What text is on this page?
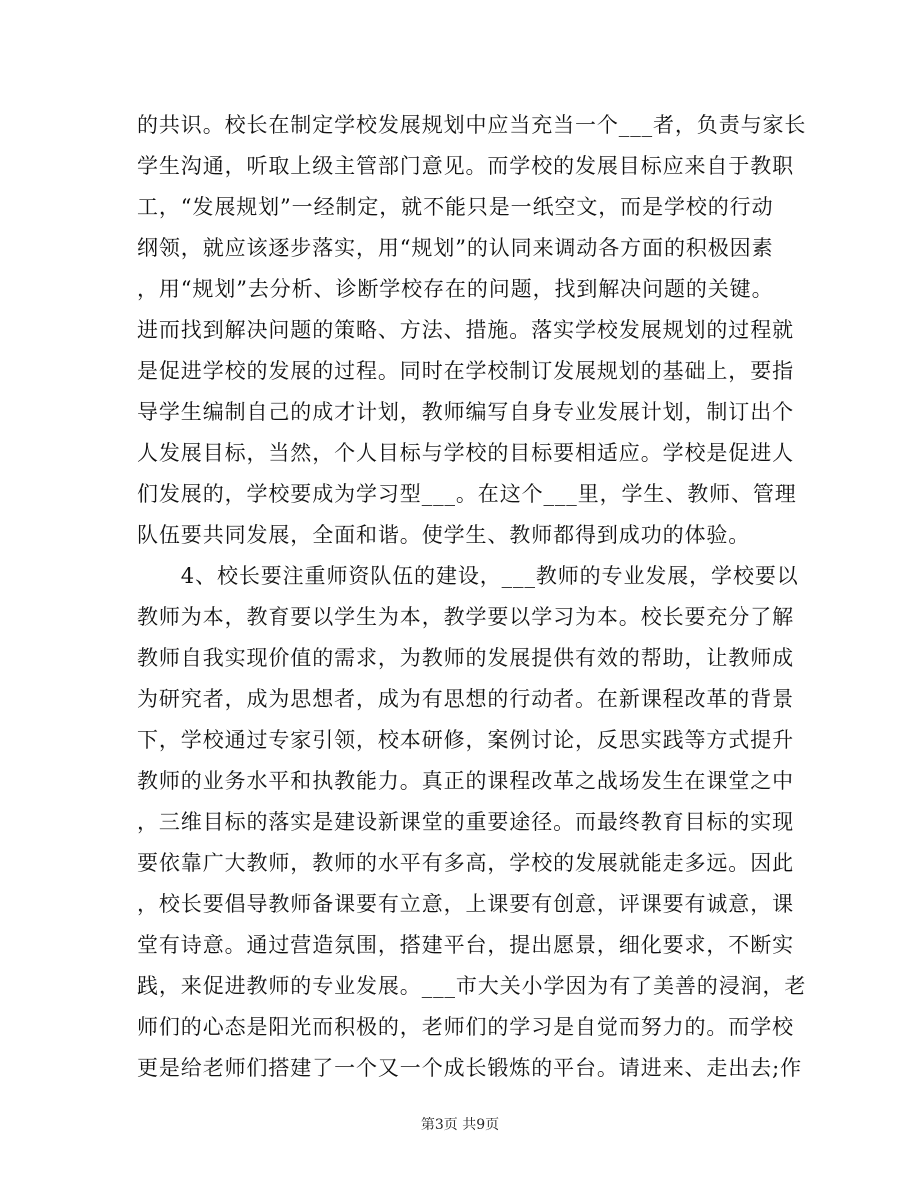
的共识。校长在制定学校发展规划中应当充当一个___者，负责与家长
学生沟通，听取上级主管部门意见。而学校的发展目标应来自于教职
工，“发展规划”一经制定，就不能只是一纸空文，而是学校的行动
纲领，就应该逐步落实，用“规划”的认同来调动各方面的积极因素
，用“规划”去分析、诊断学校存在的问题，找到解决问题的关键。
进而找到解决问题的策略、方法、措施。落实学校发展规划的过程就
是促进学校的发展的过程。同时在学校制订发展规划的基础上，要指
导学生编制自己的成才计划，教师编写自身专业发展计划，制订出个
人发展目标，当然，个人目标与学校的目标要相适应。学校是促进人
们发展的，学校要成为学习型___。在这个___里，学生、教师、管理
队伍要共同发展，全面和谐。使学生、教师都得到成功的体验。
　　4、校长要注重师资队伍的建设，___教师的专业发展，学校要以
教师为本，教育要以学生为本，教学要以学习为本。校长要充分了解
教师自我实现价值的需求，为教师的发展提供有效的帮助，让教师成
为研究者，成为思想者，成为有思想的行动者。在新课程改革的背景
下，学校通过专家引领，校本研修，案例讨论，反思实践等方式提升
教师的业务水平和执教能力。真正的课程改革之战场发生在课堂之中
，三维目标的落实是建设新课堂的重要途径。而最终教育目标的实现
要依靠广大教师，教师的水平有多高，学校的发展就能走多远。因此
，校长要倡导教师备课要有立意，上课要有创意，评课要有诚意，课
堂有诗意。通过营造氛围，搭建平台，提出愿景，细化要求，不断实
践，来促进教师的专业发展。___市大关小学因为有了美善的浸润，老
师们的心态是阳光而积极的，老师们的学习是自觉而努力的。而学校
更是给老师们搭建了一个又一个成长锻炼的平台。请进来、走出去;作
第3页 共9页
